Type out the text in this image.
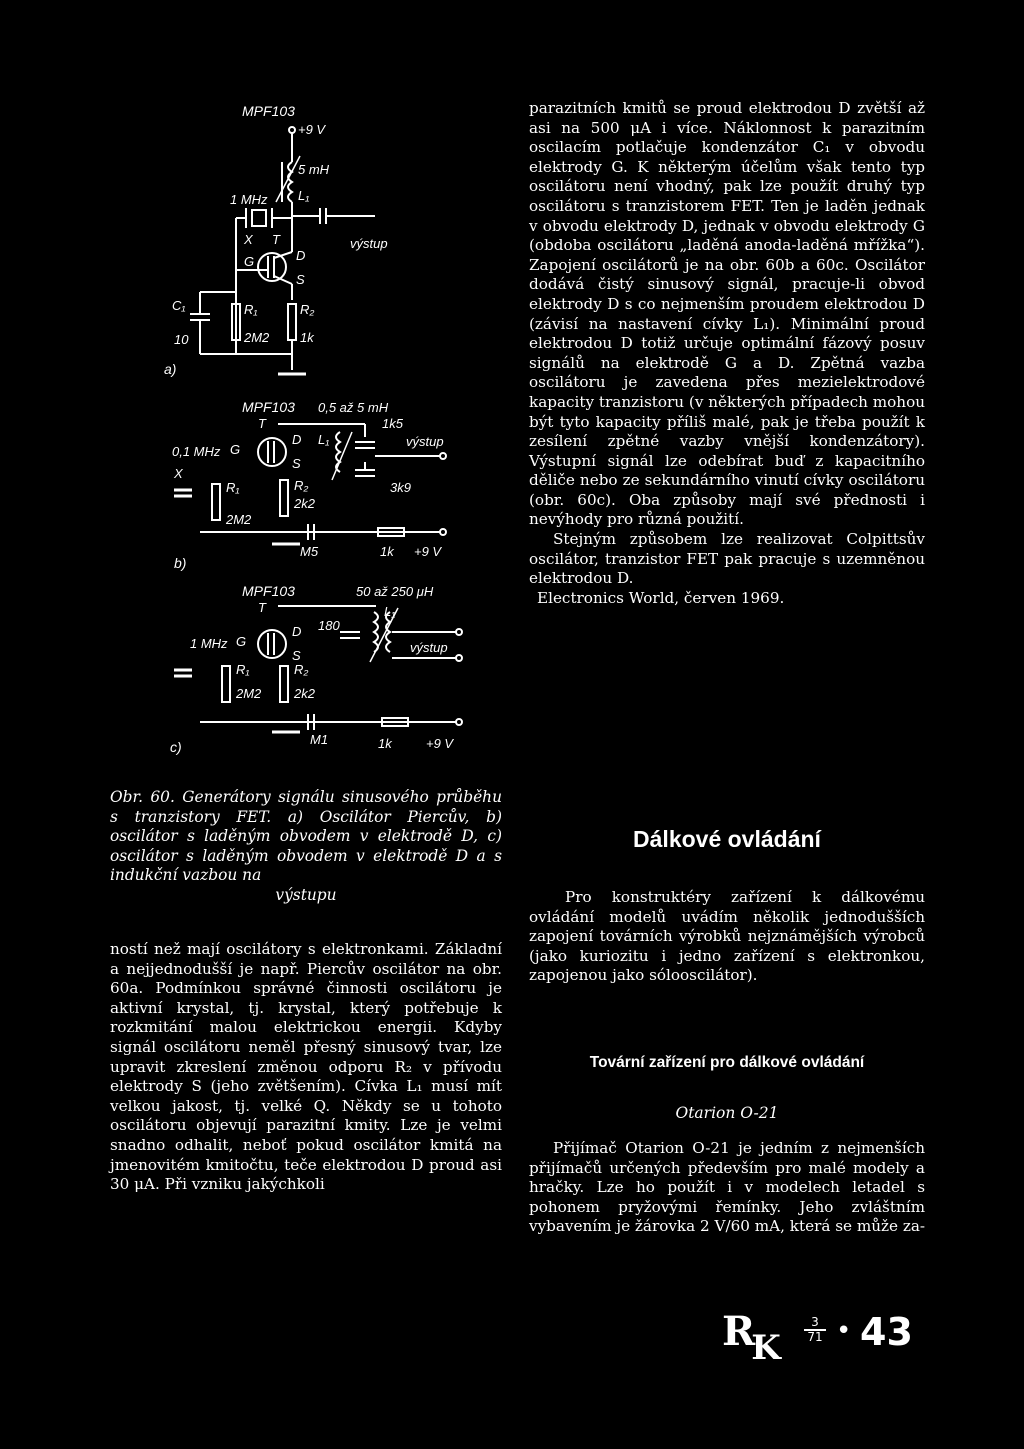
MPF103
+9 V
5 mH
L₁
1 MHz
výstup
X T
G	D
S
C₁
10
R₁
2M2
R₂
1k
a)
MPF103 0,5 až 5 mH
T	1k5
výstup
0,1 MHz G
D
S
L₁
3k9
X
R₁
2M2
R₂
2k2
M5	1k +9 V
b)
MPF103	50 až 250 μH
T	L₁
180
výstup
1 MHz G
D
S
R₁
2M2
R₂
2k2
M1	1k	+9 V
c)
Obr. 60. Generátory signálu sinusového průběhu s tranzistory FET. a) Oscilátor Piercův, b) oscilátor s laděným obvodem v elektrodě D, c) oscilátor s laděným obvodem v elektrodě D a s indukční vazbou na
výstupu

ností než mají oscilátory s elektronkami. Základní a nejjednodušší je např. Piercův oscilátor na obr. 60a. Podmínkou správné činnosti oscilátoru je aktivní krystal, tj. krystal, který potřebuje k rozkmitání malou elektrickou energii. Kdyby signál oscilátoru neměl přesný sinusový tvar, lze upravit zkreslení změnou odporu R₂ v přívodu elektrody S (jeho zvětšením). Cívka L₁ musí mít velkou jakost, tj. velké Q. Někdy se u tohoto oscilátoru objevují parazitní kmity. Lze je velmi snadno odhalit, neboť pokud oscilátor kmitá na jmenovitém kmitočtu, teče elektrodou D proud asi 30 μA. Při vzniku jakýchkoli

parazitních kmitů se proud elektrodou D zvětší až asi na 500 μA i více. Náklonnost k parazitním oscilacím potlačuje kondenzátor C₁ v obvodu elektrody G. K některým účelům však tento typ oscilátoru není vhodný, pak lze použít druhý typ oscilátoru s tranzistorem FET. Ten je laděn jednak v obvodu elektrody D, jednak v obvodu elektrody G (obdoba oscilátoru „laděná anoda-laděná mřížka“). Zapojení oscilátorů je na obr. 60b a 60c. Oscilátor dodává čistý sinusový signál, pracuje-li obvod elektrody D s co nejmenším proudem elektrodou D (závisí na nastavení cívky L₁). Minimální proud elektrodou D totiž určuje optimální fázový posuv signálů na elektrodě G a D. Zpětná vazba oscilátoru je zavedena přes mezielektrodové kapacity tranzistoru (v některých případech mohou být tyto kapacity příliš malé, pak je třeba použít k zesílení zpětné vazby vnější kondenzátory). Výstupní signál lze odebírat buď z kapacitního děliče nebo ze sekundárního vinutí cívky oscilátoru (obr. 60c). Oba způsoby mají své přednosti i nevýhody pro různá použití.

Stejným způsobem lze realizovat Colpittsův oscilátor, tranzistor FET pak pracuje s uzemněnou elektrodou D.

Electronics World, červen 1969.

Dálkové ovládání
Pro konstruktéry zařízení k dálkovému ovládání modelů uvádím několik jednodušších zapojení továrních výrobků nejznámějších výrobců (jako kuriozitu i jedno zařízení s elektronkou, zapojenou jako sólooscilátor).
Tovární zařízení pro dálkové ovládání
Otarion O-21
Přijímač Otarion O-21 je jedním z nejmenších přijímačů určených především pro malé modely a hračky. Lze ho použít i v modelech letadel s pohonem pryžovými řemínky. Jeho zvláštním vybavením je žárovka 2 V/60 mA, která se může za-
$R_K$
3
71 • 43
